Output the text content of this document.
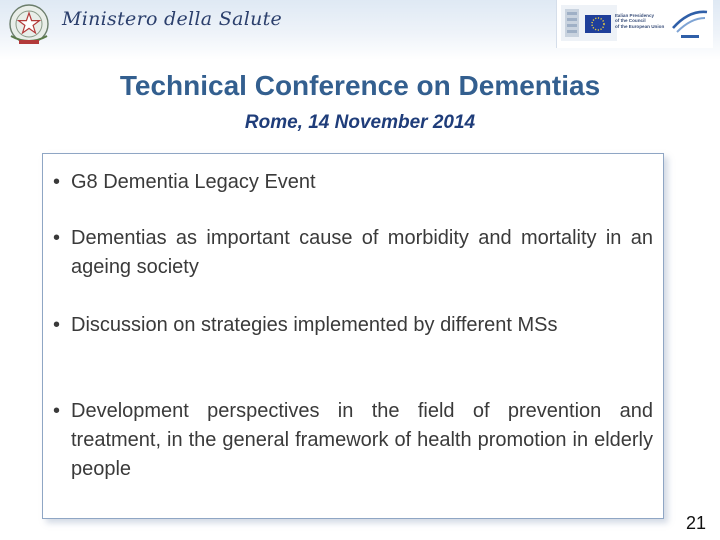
Ministero della Salute	Italian Presidency
of the Council
of the European Union
Technical Conference on Dementias
Rome, 14 November 2014
• G8 Dementia Legacy Event
• Dementias as important cause of morbidity and mortality in an ageing society
• Discussion on strategies implemented by different MSs
• Development perspectives in the field of prevention and treatment, in the general framework of health promotion in elderly people
21
